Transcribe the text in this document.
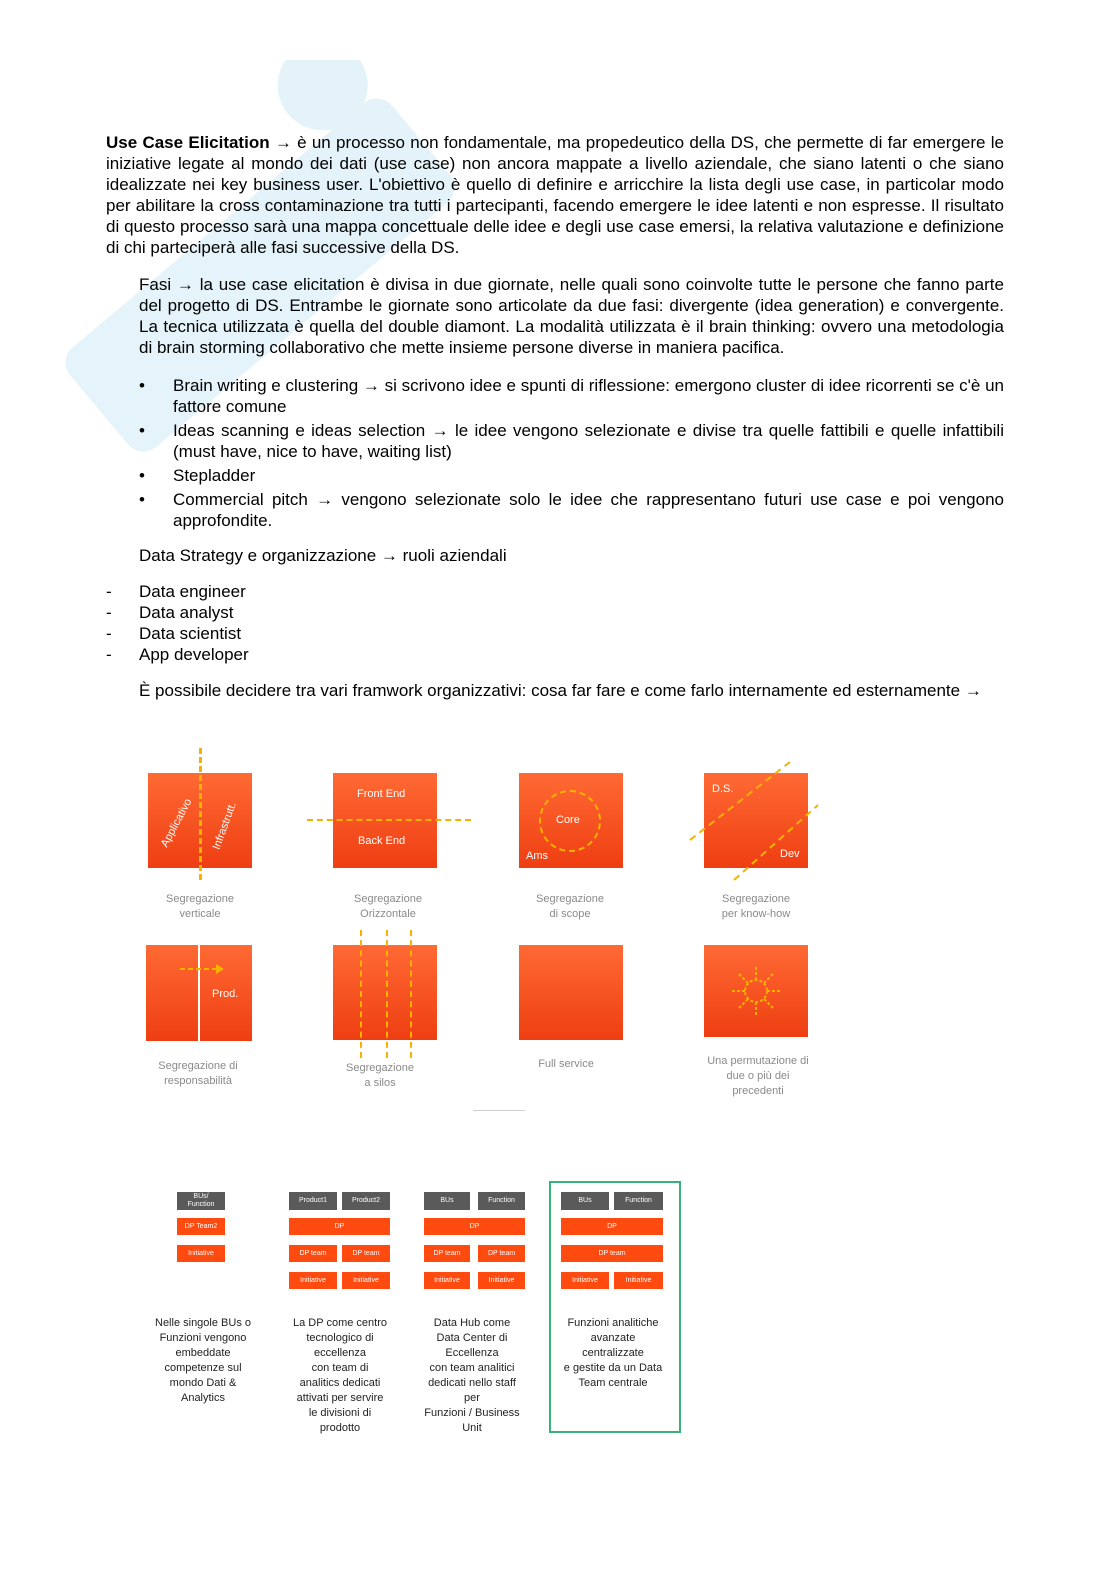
Use Case Elicitation → è un processo non fondamentale, ma propedeutico della DS, che permette di far emergere le iniziative legate al mondo dei dati (use case) non ancora mappate a livello aziendale, che siano latenti o che siano idealizzate nei key business user. L'obiettivo è quello di definire e arricchire la lista degli use case, in particolar modo per abilitare la cross contaminazione tra tutti i partecipanti, facendo emergere le idee latenti e non espresse. Il risultato di questo processo sarà una mappa concettuale delle idee e degli use case emersi, la relativa valutazione e definizione di chi parteciperà alle fasi successive della DS.

Fasi → la use case elicitation è divisa in due giornate, nelle quali sono coinvolte tutte le persone che fanno parte del progetto di DS. Entrambe le giornate sono articolate da due fasi: divergente (idea generation) e convergente. La tecnica utilizzata è quella del double diamont. La modalità utilizzata è il brain thinking: ovvero una metodologia di brain storming collaborativo che mette insieme persone diverse in maniera pacifica.

• Brain writing e clustering → si scrivono idee e spunti di riflessione: emergono cluster di idee ricorrenti se c'è un fattore comune
• Ideas scanning e ideas selection → le idee vengono selezionate e divise tra quelle fattibili e quelle infattibili (must have, nice to have, waiting list)
• Stepladder
• Commercial pitch → vengono selezionate solo le idee che rappresentano futuri use case e poi vengono approfondite.

Data Strategy e organizzazione → ruoli aziendali

- Data engineer
- Data analyst
- Data scientist
- App developer

È possibile decidere tra vari framwork organizzativi: cosa far fare e come farlo internamente ed esternamente →

Applicativo Infrastrutt.
Segregazione
verticale
Front End
Back End
Segregazione
Orizzontale
Core
Ams
Segregazione
di scope
D.S.
Dev
Segregazione
per know-how
Prod.
Segregazione di
responsabilità
Segregazione
a silos
Full service	Una permutazione di
due o più dei
precedenti
BUs/
Function
DP Team2
Initiative
Nelle singole BUs o
Funzioni vengono
embeddate
competenze sul
mondo Dati &
Analytics
Product1	Product2
DP
DP team	DP team
Initiative	Initiative
La DP come centro
tecnologico di
eccellenza
con team di
analitics dedicati
attivati per servire
le divisioni di
prodotto
BUs	Function
DP
DP team	DP team
Initiative	Initiative
Data Hub come
Data Center di
Eccellenza
con team analitici
dedicati nello staff
per
Funzioni / Business
Unit
BUs	Function
DP
DP team
Initiative	Initiative
Funzioni analitiche
avanzate
centralizzate
e gestite da un Data
Team centrale
